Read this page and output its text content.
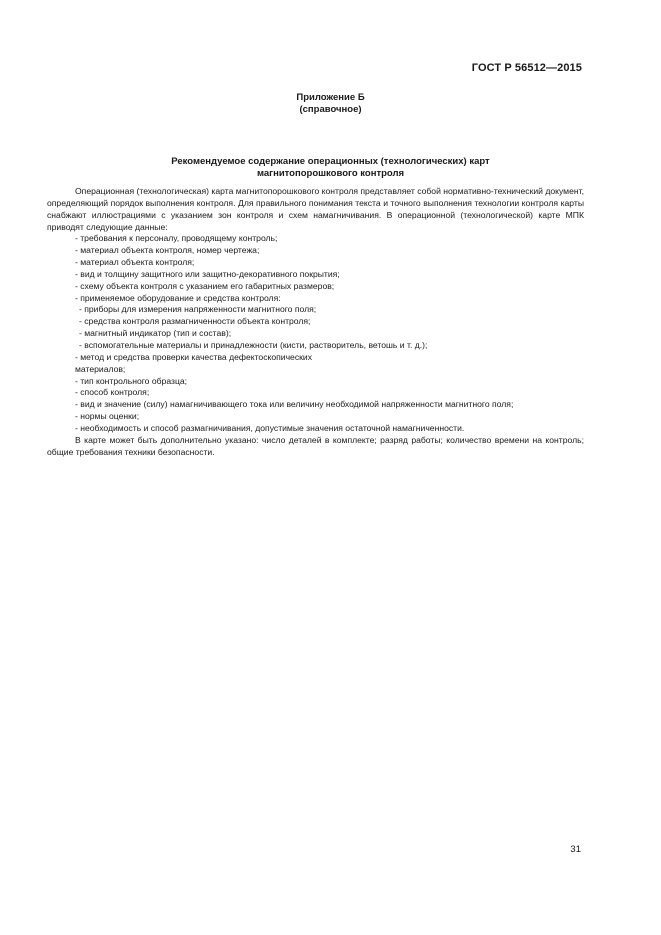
ГОСТ Р 56512—2015
Приложение Б
(справочное)
Рекомендуемое содержание операционных (технологических) карт
магнитопорошкового контроля

Операционная (технологическая) карта магнитопорошкового контроля представляет собой нормативно-технический документ, определяющий порядок выполнения контроля. Для правильного понимания текста и точного выполнения технологии контроля карты снабжают иллюстрациями с указанием зон контроля и схем намагничивания. В операционной (технологической) карте МПК приводят следующие данные:

- требования к персоналу, проводящему контроль;
- материал объекта контроля, номер чертежа;
- материал объекта контроля;
- вид и толщину защитного или защитно-декоративного покрытия;
- схему объекта контроля с указанием его габаритных размеров;
- применяемое оборудование и средства контроля:
- приборы для измерения напряженности магнитного поля;
- средства контроля размагниченности объекта контроля;
- магнитный индикатор (тип и состав);
- вспомогательные материалы и принадлежности (кисти, растворитель, ветошь и т. д.);
- метод и средства проверки качества дефектоскопических
материалов;
- тип контрольного образца;
- способ контроля;
- вид и значение (силу) намагничивающего тока или величину необходимой напряженности магнитного поля;
- нормы оценки;
- необходимость и способ размагничивания, допустимые значения остаточной намагниченности.

В карте может быть дополнительно указано: число деталей в комплекте; разряд работы; количество времени на контроль; общие требования техники безопасности.

31
